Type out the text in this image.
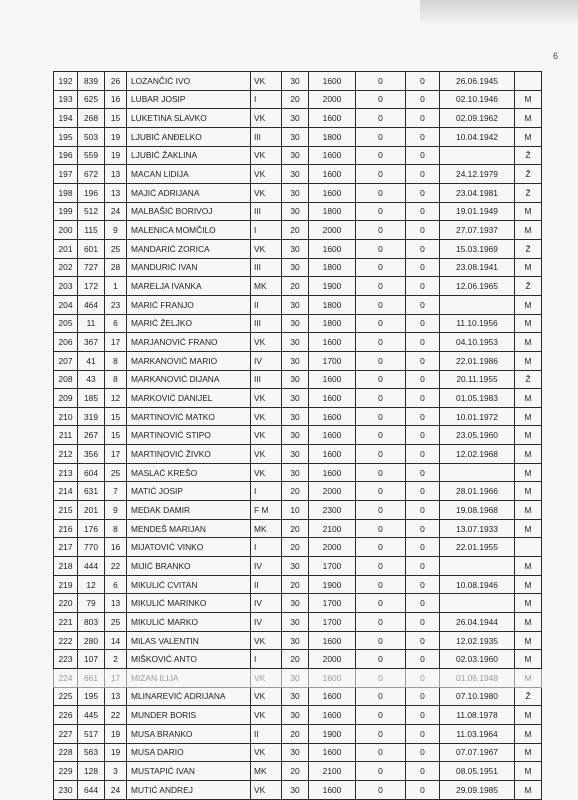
6
192	839	26	LOZANČIĆ IVO	VK	30	1600	0	0	26.06.1945	
193	625	16	LUBAR JOSIP	I	20	2000	0	0	02.10.1946	M
194	268	15	LUKETINA SLAVKO	VK	30	1600	0	0	02.09.1962	M
195	503	19	LJUBIĆ ANĐELKO	III	30	1800	0	0	10.04.1942	M
196	559	19	LJUBIĆ ŽAKLINA	VK	30	1600	0	0		Ž
197	672	13	MACAN LIDIJA	VK	30	1600	0	0	24.12.1979	Ž
198	196	13	MAJIĆ ADRIJANA	VK	30	1600	0	0	23.04.1981	Ž
199	512	24	MALBAŠIĆ BORIVOJ	III	30	1800	0	0	19.01.1949	M
200	115	9	MALENICA MOMČILO	I	20	2000	0	0	27.07.1937	M
201	601	25	MANDARIĆ ZORICA	VK	30	1600	0	0	15.03.1969	Ž
202	727	28	MANDURIĆ IVAN	III	30	1800	0	0	23.08.1941	M
203	172	1	MARELJA IVANKA	MK	20	1900	0	0	12.06.1965	Ž
204	464	23	MARIĆ FRANJO	II	30	1800	0	0		M
205	11	6	MARIĆ ŽELJKO	III	30	1800	0	0	11.10.1956	M
206	367	17	MARJANOVIĆ FRANO	VK	30	1600	0	0	04.10.1953	M
207	41	8	MARKANOVIĆ MARIO	IV	30	1700	0	0	22.01.1986	M
208	43	8	MARKANOVIĆ DIJANA	III	30	1600	0	0	20.11.1955	Ž
209	185	12	MARKOVIĆ DANIJEL	VK	30	1600	0	0	01.05.1983	M
210	319	15	MARTINOVIĆ MATKO	VK	30	1600	0	0	10.01.1972	M
211	267	15	MARTINOVIĆ STIPO	VK	30	1600	0	0	23.05.1960	M
212	356	17	MARTINOVIĆ ŽIVKO	VK	30	1600	0	0	12.02.1968	M
213	604	25	MASLAĆ KREŠO	VK	30	1600	0	0		M
214	631	7	MATIĆ JOSIP	I	20	2000	0	0	28.01.1966	M
215	201	9	MEDAK DAMIR	F M	10	2300	0	0	19.08.1968	M
216	176	8	MENDEŠ MARIJAN	MK	20	2100	0	0	13.07.1933	M
217	770	16	MIJATOVIĆ VINKO	I	20	2000	0	0	22.01.1955	
218	444	22	MIJIĆ BRANKO	IV	30	1700	0	0		M
219	12	6	MIKULIĆ CVITAN	II	20	1900	0	0	10.08.1946	M
220	79	13	MIKULIĆ MARINKO	IV	30	1700	0	0		M
221	803	25	MIKULIĆ MARKO	IV	30	1700	0	0	26.04.1944	M
222	280	14	MILAS VALENTIN	VK	30	1600	0	0	12.02.1935	M
223	107	2	MIŠKOVIĆ ANTO	I	20	2000	0	0	02.03.1960	M
224	661	17	MIZAN ILIJA	VK	30	1600	0	0	01.06.1948	M
225	195	13	MLINAREVIĆ ADRIJANA	VK	30	1600	0	0	07.10.1980	Ž
226	445	22	MUNDER BORIS	VK	30	1600	0	0	11.08.1978	M
227	517	19	MUSA BRANKO	II	20	1900	0	0	11.03.1964	M
228	563	19	MUSA DARIO	VK	30	1600	0	0	07.07.1967	M
229	128	3	MUSTAPIĆ IVAN	MK	20	2100	0	0	08.05.1951	M
230	644	24	MUTIĆ ANDREJ	VK	30	1600	0	0	29.09.1985	M
